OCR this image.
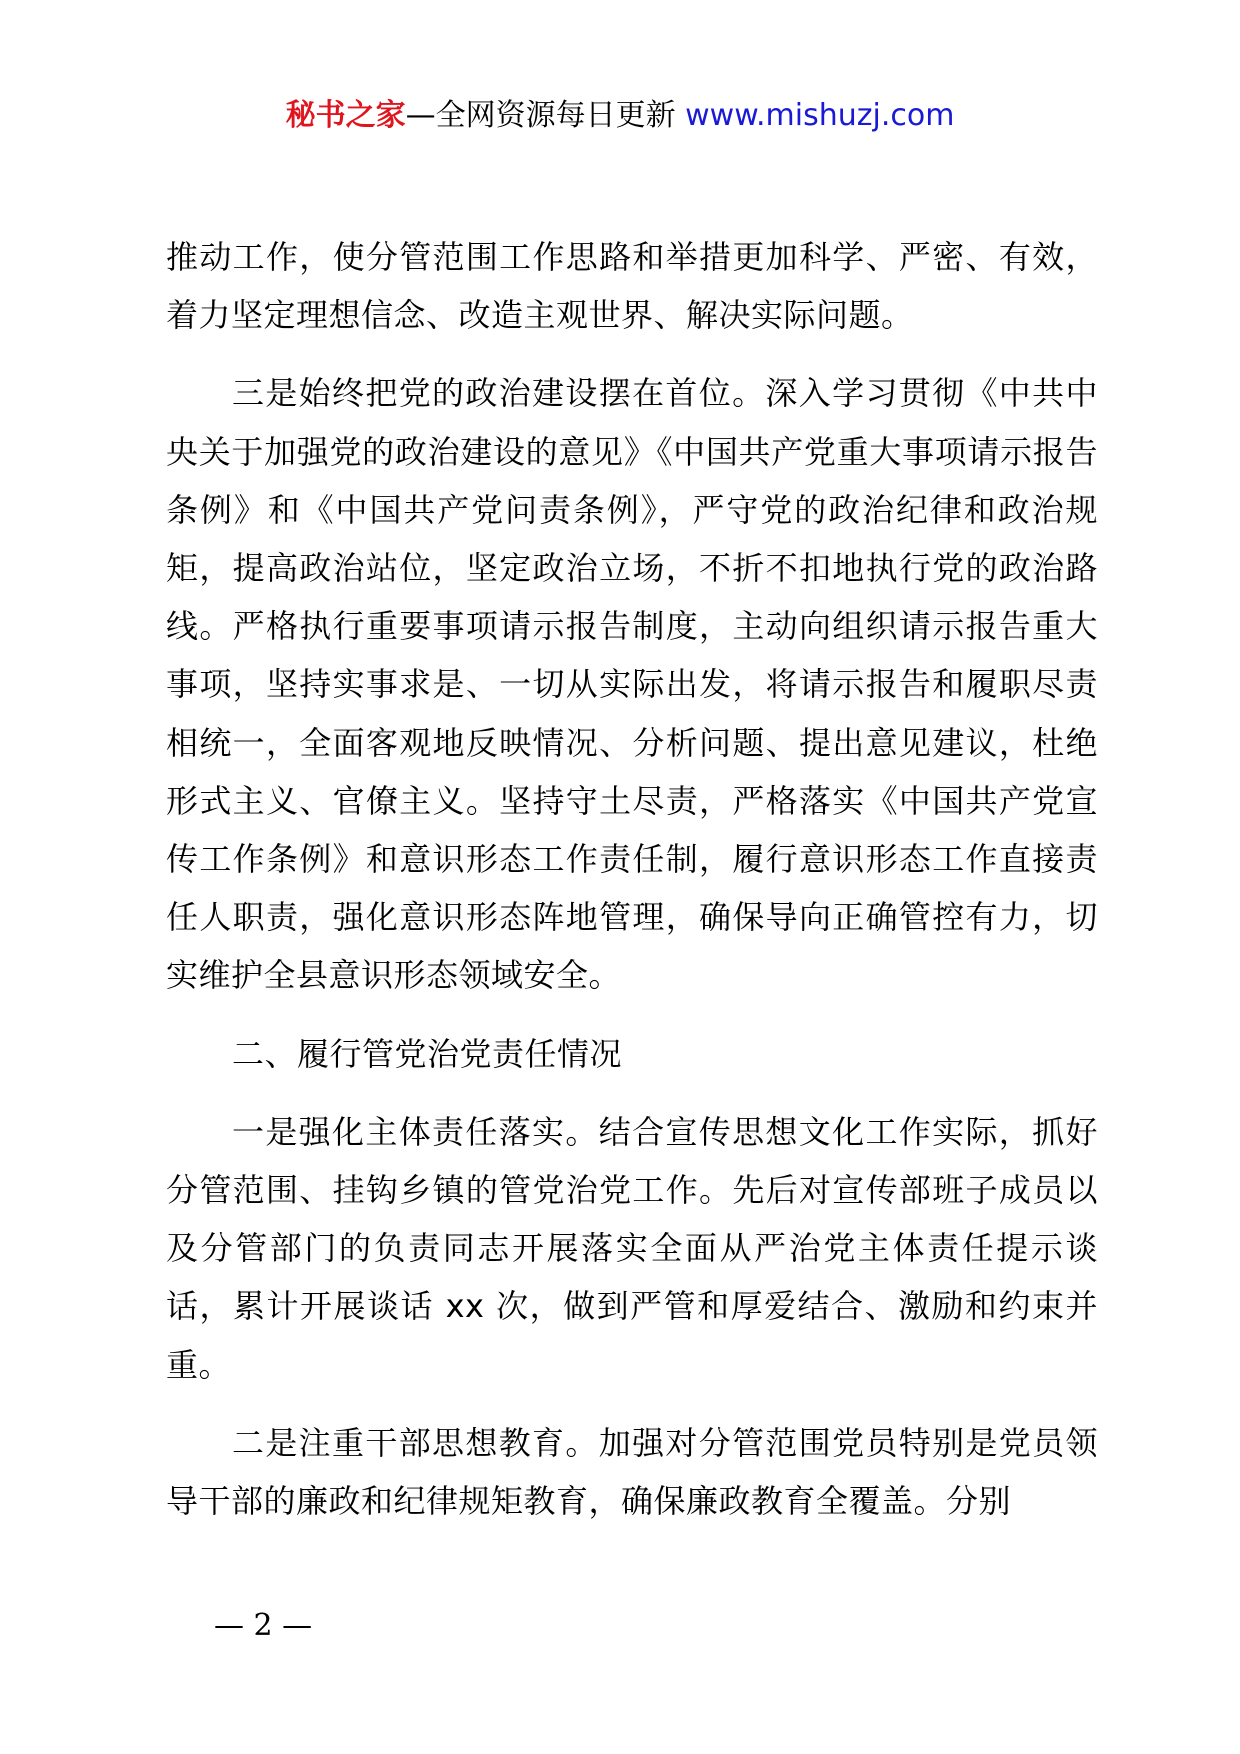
秘书之家—全网资源每日更新 www.mishuzj.com

推动工作，使分管范围工作思路和举措更加科学、严密、有效，着力坚定理想信念、改造主观世界、解决实际问题。

三是始终把党的政治建设摆在首位。深入学习贯彻《中共中央关于加强党的政治建设的意见》《中国共产党重大事项请示报告条例》和《中国共产党问责条例》，严守党的政治纪律和政治规矩，提高政治站位，坚定政治立场，不折不扣地执行党的政治路线。严格执行重要事项请示报告制度，主动向组织请示报告重大事项，坚持实事求是、一切从实际出发，将请示报告和履职尽责相统一，全面客观地反映情况、分析问题、提出意见建议，杜绝形式主义、官僚主义。坚持守土尽责，严格落实《中国共产党宣传工作条例》和意识形态工作责任制，履行意识形态工作直接责任人职责，强化意识形态阵地管理，确保导向正确管控有力，切实维护全县意识形态领域安全。

二、履行管党治党责任情况

一是强化主体责任落实。结合宣传思想文化工作实际，抓好分管范围、挂钩乡镇的管党治党工作。先后对宣传部班子成员以及分管部门的负责同志开展落实全面从严治党主体责任提示谈话，累计开展谈话 xx 次，做到严管和厚爱结合、激励和约束并重。

二是注重干部思想教育。加强对分管范围党员特别是党员领导干部的廉政和纪律规矩教育，确保廉政教育全覆盖。分别

— 2 —
